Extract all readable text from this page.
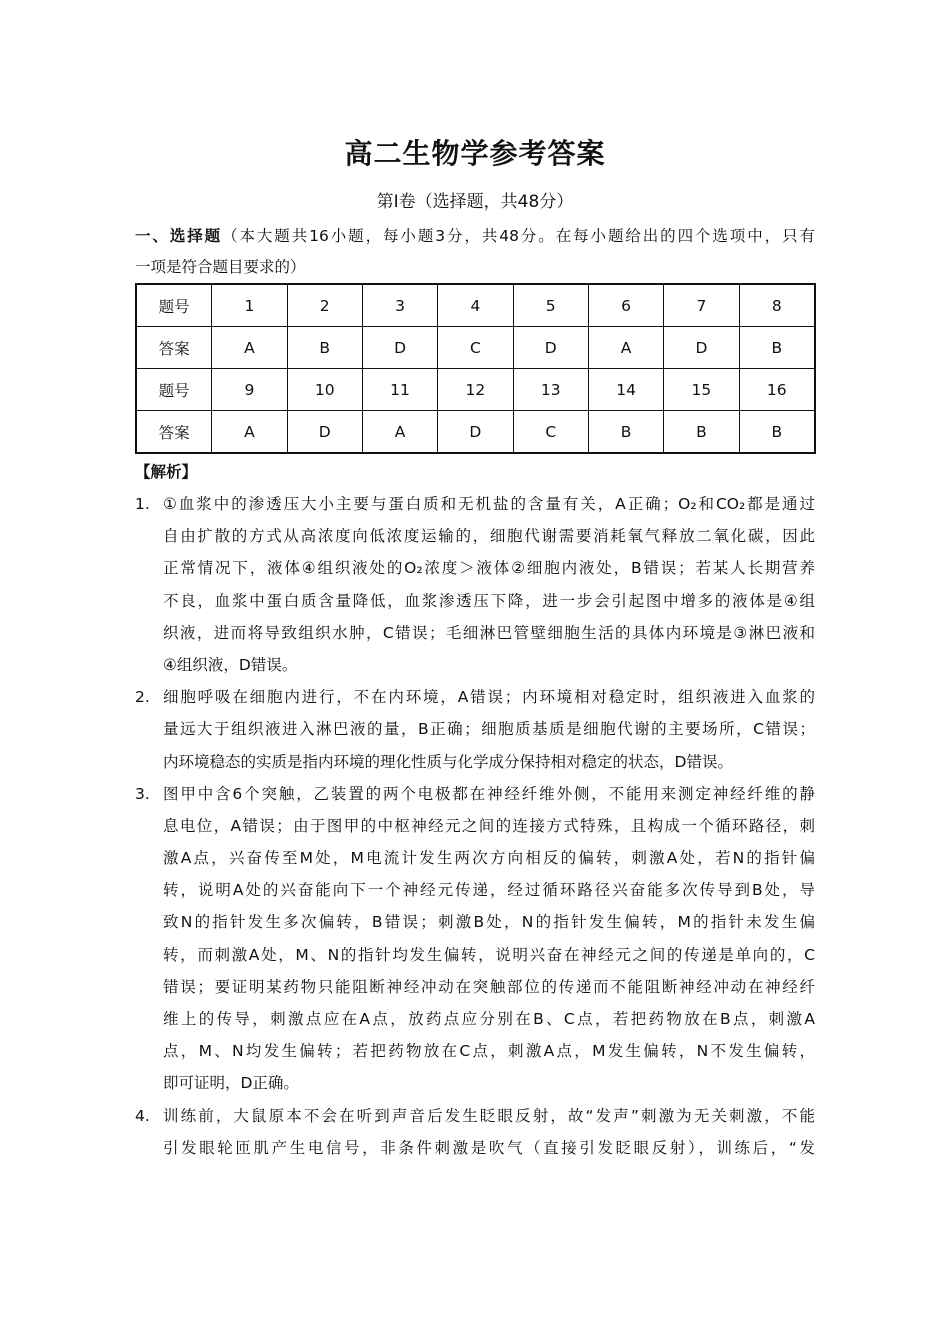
高二生物学参考答案
第Ⅰ卷（选择题，共48分）
一、选择题（本大题共16小题，每小题3分，共48分。在每小题给出的四个选项中，只有
一项是符合题目要求的）
题号	1	2	3	4	5	6	7	8
答案	A	B	D	C	D	A	D	B
题号	9	10	11	12	13	14	15	16
答案	A	D	A	D	C	B	B	B
【解析】
1. ①血浆中的渗透压大小主要与蛋白质和无机盐的含量有关，A正确；O₂和CO₂都是通过
自由扩散的方式从高浓度向低浓度运输的，细胞代谢需要消耗氧气释放二氧化碳，因此
正常情况下，液体④组织液处的O₂浓度＞液体②细胞内液处，B错误；若某人长期营养
不良，血浆中蛋白质含量降低，血浆渗透压下降，进一步会引起图中增多的液体是④组
织液，进而将导致组织水肿，C错误；毛细淋巴管壁细胞生活的具体内环境是③淋巴液和
④组织液，D错误。
2. 细胞呼吸在细胞内进行，不在内环境，A错误；内环境相对稳定时，组织液进入血浆的
量远大于组织液进入淋巴液的量，B正确；细胞质基质是细胞代谢的主要场所，C错误；
内环境稳态的实质是指内环境的理化性质与化学成分保持相对稳定的状态，D错误。
3. 图甲中含6个突触，乙装置的两个电极都在神经纤维外侧，不能用来测定神经纤维的静
息电位，A错误；由于图甲的中枢神经元之间的连接方式特殊，且构成一个循环路径，刺
激A点，兴奋传至M处，M电流计发生两次方向相反的偏转，刺激A处，若N的指针偏
转，说明A处的兴奋能向下一个神经元传递，经过循环路径兴奋能多次传导到B处，导
致N的指针发生多次偏转，B错误；刺激B处，N的指针发生偏转，M的指针未发生偏
转，而刺激A处，M、N的指针均发生偏转，说明兴奋在神经元之间的传递是单向的，C
错误；要证明某药物只能阻断神经冲动在突触部位的传递而不能阻断神经冲动在神经纤
维上的传导，刺激点应在A点，放药点应分别在B、C点，若把药物放在B点，刺激A
点，M、N均发生偏转；若把药物放在C点，刺激A点，M发生偏转，N不发生偏转，
即可证明，D正确。
4. 训练前，大鼠原本不会在听到声音后发生眨眼反射，故“发声”刺激为无关刺激，不能
引发眼轮匝肌产生电信号，非条件刺激是吹气（直接引发眨眼反射），训练后，“发
